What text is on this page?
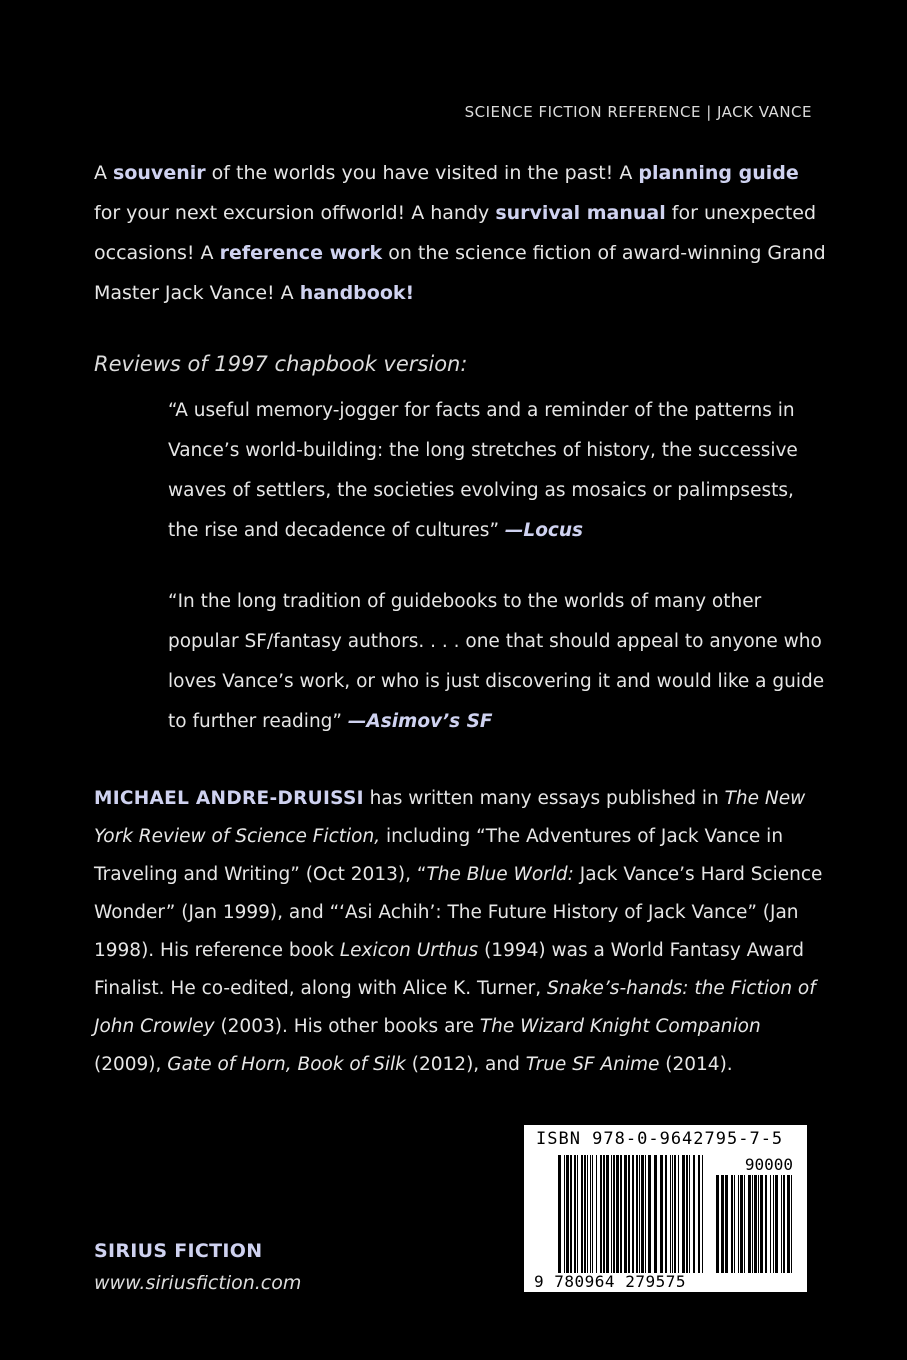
SCIENCE FICTION REFERENCE | JACK VANCE
A souvenir of the worlds you have visited in the past! A planning guide for your next excursion offworld! A handy survival manual for unexpected occasions! A reference work on the science fiction of award-winning Grand Master Jack Vance! A handbook!
Reviews of 1997 chapbook version:
“A useful memory-jogger for facts and a reminder of the patterns in Vance’s world-building: the long stretches of history, the successive waves of settlers, the societies evolving as mosaics or palimpsests, the rise and decadence of cultures” —Locus
“In the long tradition of guidebooks to the worlds of many other popular SF/fantasy authors. . . . one that should appeal to anyone who loves Vance’s work, or who is just discovering it and would like a guide to further reading” —Asimov’s SF
MICHAEL ANDRE-DRUISSI has written many essays published in The New York Review of Science Fiction, including “The Adventures of Jack Vance in Traveling and Writing” (Oct 2013), “The Blue World: Jack Vance’s Hard Science Wonder” (Jan 1999), and “‘Asi Achih’: The Future History of Jack Vance” (Jan 1998). His reference book Lexicon Urthus (1994) was a World Fantasy Award Finalist. He co-edited, along with Alice K. Turner, Snake’s-hands: the Fiction of John Crowley (2003). His other books are The Wizard Knight Companion (2009), Gate of Horn, Book of Silk (2012), and True SF Anime (2014).
SIRIUS FICTION
www.siriusfiction.com
ISBN 978-0-9642795-7-5
90000
9 780964 279575
